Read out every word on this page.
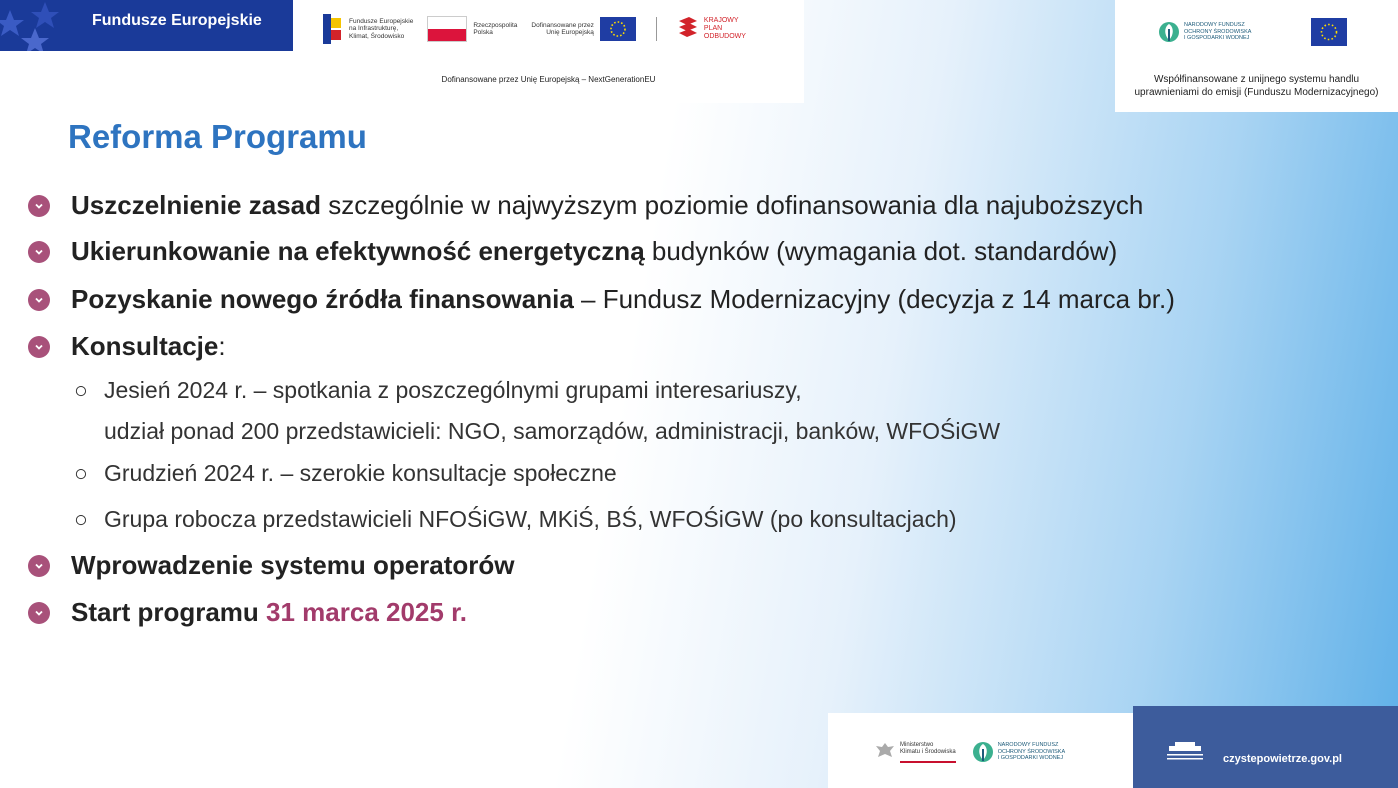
Fundusze Europejskie	Fundusze Europejskie
na Infrastrukturę,
Klimat, Środowisko
Rzeczpospolita
Polska
Dofinansowane przez
Unię Europejską
KRAJOWY
PLAN
ODBUDOWY
Dofinansowane przez Unię Europejską – NextGenerationEU
NARODOWY FUNDUSZ
OCHRONY ŚRODOWISKA
I GOSPODARKI WODNEJ
Współfinansowane z unijnego systemu handlu
uprawnieniami do emisji (Funduszu Modernizacyjnego)
Reforma Programu
Uszczelnienie zasad szczególnie w najwyższym poziomie dofinansowania dla najuboższych
Ukierunkowanie na efektywność energetyczną budynków (wymagania dot. standardów)
Pozyskanie nowego źródła finansowania – Fundusz Modernizacyjny (decyzja z 14 marca br.)
Konsultacje:
○ Jesień 2024 r. – spotkania z poszczególnymi grupami interesariuszy,
udział ponad 200 przedstawicieli: NGO, samorządów, administracji, banków, WFOŚiGW
○ Grudzień 2024 r. – szerokie konsultacje społeczne
○ Grupa robocza przedstawicieli NFOŚiGW, MKiŚ, BŚ, WFOŚiGW (po konsultacjach)
Wprowadzenie systemu operatorów
Start programu 31 marca 2025 r.
Ministerstwo
Klimatu i Środowiska
NARODOWY FUNDUSZ
OCHRONY ŚRODOWISKA
I GOSPODARKI WODNEJ	czystepowietrze.gov.pl
